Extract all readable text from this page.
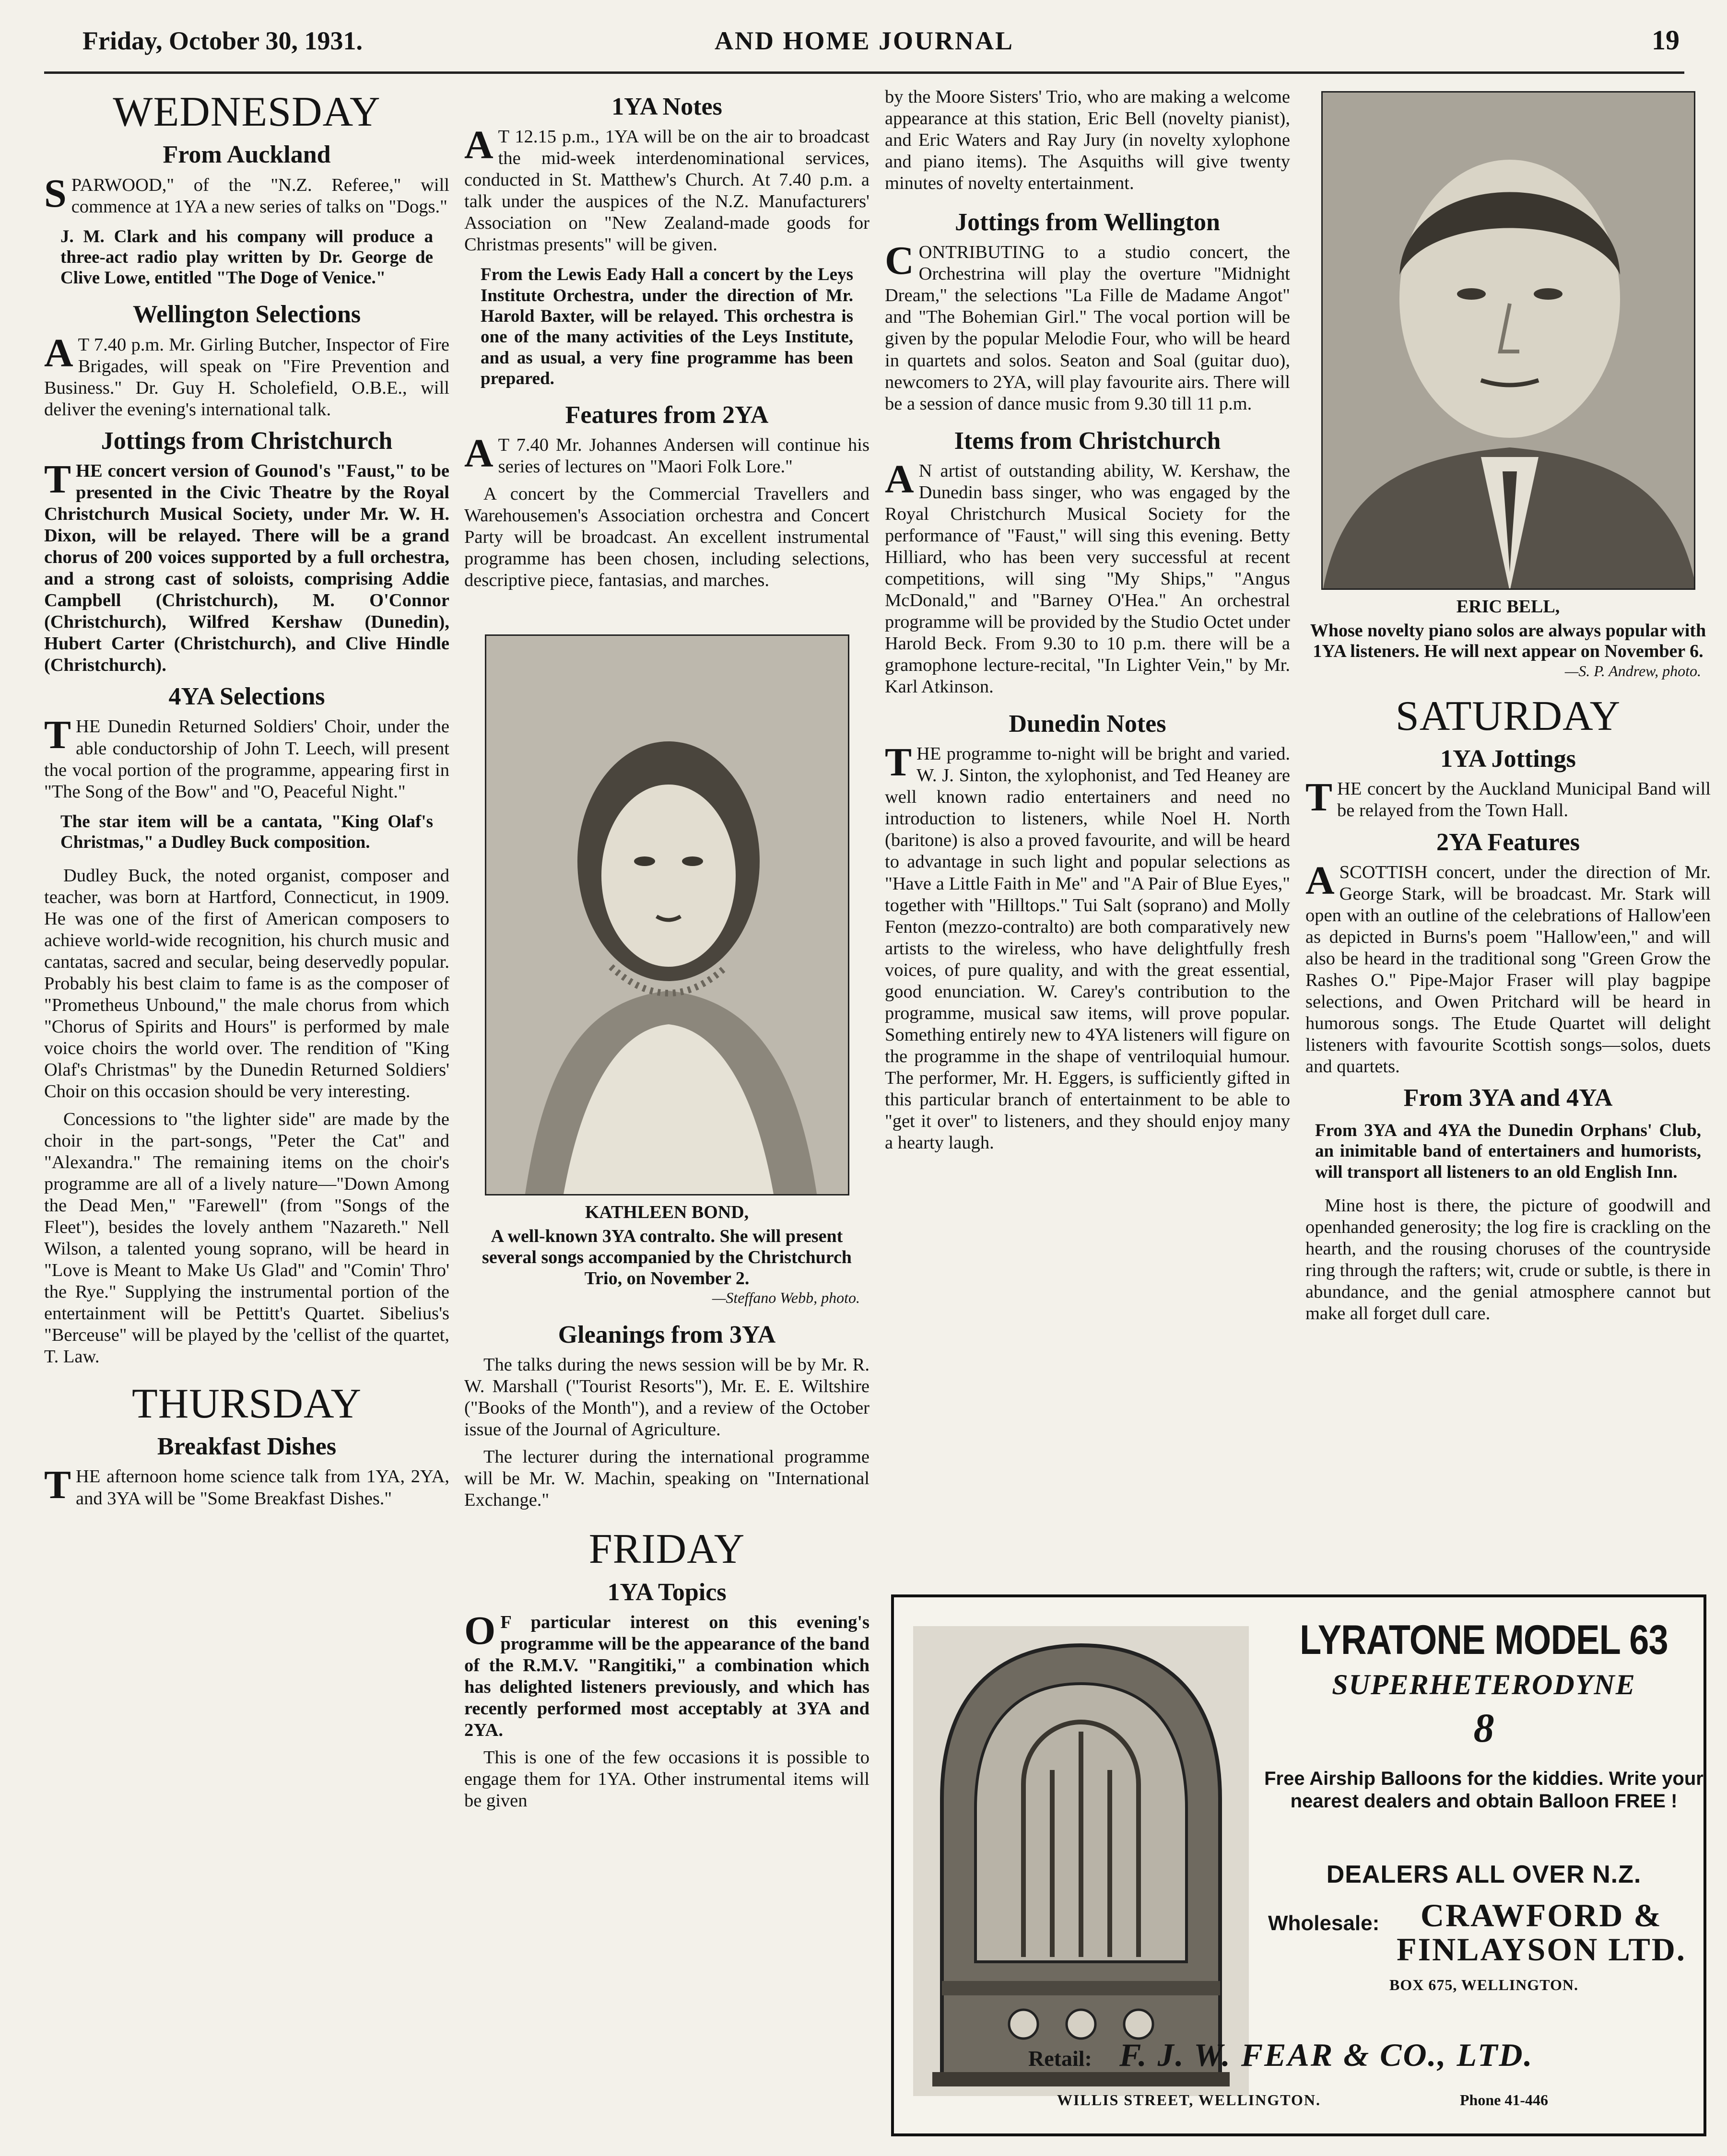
Friday, October 30, 1931.	AND HOME JOURNAL	19
WEDNESDAY
From Auckland

SPARWOOD," of the "N.Z. Referee," will commence at 1YA a new series of talks on "Dogs."

J. M. Clark and his company will produce a three-act radio play written by Dr. George de Clive Lowe, entitled "The Doge of Venice."

Wellington Selections

A T 7.40 p.m. Mr. Girling Butcher, Inspector of Fire Brigades, will speak on "Fire Prevention and Business." Dr. Guy H. Scholefield, O.B.E., will deliver the evening's international talk.

Jottings from Christchurch

THE concert version of Gounod's "Faust," to be presented in the Civic Theatre by the Royal Christchurch Musical Society, under Mr. W. H. Dixon, will be relayed. There will be a grand chorus of 200 voices supported by a full orchestra, and a strong cast of soloists, comprising Addie Campbell (Christchurch), M. O'Connor (Christchurch), Wilfred Kershaw (Dunedin), Hubert Carter (Christchurch), and Clive Hindle (Christchurch).

4YA Selections

THE Dunedin Returned Soldiers' Choir, under the able conductorship of John T. Leech, will present the vocal portion of the programme, appearing first in "The Song of the Bow" and "O, Peaceful Night."

The star item will be a cantata, "King Olaf's Christmas," a Dudley Buck composition.

Dudley Buck, the noted organist, composer and teacher, was born at Hartford, Connecticut, in 1909. He was one of the first of American composers to achieve world-wide recognition, his church music and cantatas, sacred and secular, being deservedly popular. Probably his best claim to fame is as the composer of "Prometheus Unbound," the male chorus from which "Chorus of Spirits and Hours" is performed by male voice choirs the world over. The rendition of "King Olaf's Christmas" by the Dunedin Returned Soldiers' Choir on this occasion should be very interesting.

Concessions to "the lighter side" are made by the choir in the part-songs, "Peter the Cat" and "Alexandra." The remaining items on the choir's programme are all of a lively nature—"Down Among the Dead Men," "Farewell" (from "Songs of the Fleet"), besides the lovely anthem "Nazareth." Nell Wilson, a talented young soprano, will be heard in "Love is Meant to Make Us Glad" and "Comin' Thro' the Rye." Supplying the instrumental portion of the entertainment will be Pettitt's Quartet. Sibelius's "Berceuse" will be played by the 'cellist of the quartet, T. Law.

THURSDAY
Breakfast Dishes

THE afternoon home science talk from 1YA, 2YA, and 3YA will be "Some Breakfast Dishes."

1YA Notes

A T 12.15 p.m., 1YA will be on the air to broadcast the mid-week interdenominational services, conducted in St. Matthew's Church. At 7.40 p.m. a talk under the auspices of the N.Z. Manufacturers' Association on "New Zealand-made goods for Christmas presents" will be given.

From the Lewis Eady Hall a concert by the Leys Institute Orchestra, under the direction of Mr. Harold Baxter, will be relayed. This orchestra is one of the many activities of the Leys Institute, and as usual, a very fine programme has been prepared.

Features from 2YA

A T 7.40 Mr. Johannes Andersen will continue his series of lectures on "Maori Folk Lore."

A concert by the Commercial Travellers and Warehousemen's Association orchestra and Concert Party will be broadcast. An excellent instrumental programme has been chosen, including selections, descriptive piece, fantasias, and marches.

KATHLEEN BOND,
A well-known 3YA contralto. She will present several songs accompanied by the Christchurch Trio, on November 2.
—Steffano Webb, photo.
Gleanings from 3YA

The talks during the news session will be by Mr. R. W. Marshall ("Tourist Resorts"), Mr. E. E. Wiltshire ("Books of the Month"), and a review of the October issue of the Journal of Agriculture.

The lecturer during the international programme will be Mr. W. Machin, speaking on "International Exchange."

FRIDAY
1YA Topics

O F particular interest on this evening's programme will be the appearance of the band of the R.M.V. "Rangitiki," a combination which has delighted listeners previously, and which has recently performed most acceptably at 3YA and 2YA.

This is one of the few occasions it is possible to engage them for 1YA. Other instrumental items will be given

by the Moore Sisters' Trio, who are making a welcome appearance at this station, Eric Bell (novelty pianist), and Eric Waters and Ray Jury (in novelty xylophone and piano items). The Asquiths will give twenty minutes of novelty entertainment.

Jottings from Wellington

CONTRIBUTING to a studio concert, the Orchestrina will play the overture "Midnight Dream," the selections "La Fille de Madame Angot" and "The Bohemian Girl." The vocal portion will be given by the popular Melodie Four, who will be heard in quartets and solos. Seaton and Soal (guitar duo), newcomers to 2YA, will play favourite airs. There will be a session of dance music from 9.30 till 11 p.m.

Items from Christchurch

A N artist of outstanding ability, W. Kershaw, the Dunedin bass singer, who was engaged by the Royal Christchurch Musical Society for the performance of "Faust," will sing this evening. Betty Hilliard, who has been very successful at recent competitions, will sing "My Ships," "Angus McDonald," and "Barney O'Hea." An orchestral programme will be provided by the Studio Octet under Harold Beck. From 9.30 to 10 p.m. there will be a gramophone lecture-recital, "In Lighter Vein," by Mr. Karl Atkinson.

Dunedin Notes

THE programme to-night will be bright and varied. W. J. Sinton, the xylophonist, and Ted Heaney are well known radio entertainers and need no introduction to listeners, while Noel H. North (baritone) is also a proved favourite, and will be heard to advantage in such light and popular selections as "Have a Little Faith in Me" and "A Pair of Blue Eyes," together with "Hilltops." Tui Salt (soprano) and Molly Fenton (mezzo-contralto) are both comparatively new artists to the wireless, who have delightfully fresh voices, of pure quality, and with the great essential, good enunciation. W. Carey's contribution to the programme, musical saw items, will prove popular. Something entirely new to 4YA listeners will figure on the programme in the shape of ventriloquial humour. The performer, Mr. H. Eggers, is sufficiently gifted in this particular branch of entertainment to be able to "get it over" to listeners, and they should enjoy many a hearty laugh.

ERIC BELL,
Whose novelty piano solos are always popular with 1YA listeners. He will next appear on November 6.
—S. P. Andrew, photo.
SATURDAY
1YA Jottings

THE concert by the Auckland Municipal Band will be relayed from the Town Hall.

2YA Features

A SCOTTISH concert, under the direction of Mr. George Stark, will be broadcast. Mr. Stark will open with an outline of the celebrations of Hallow'een as depicted in Burns's poem "Hallow'een," and will also be heard in the traditional song "Green Grow the Rashes O." Pipe-Major Fraser will play bagpipe selections, and Owen Pritchard will be heard in humorous songs. The Etude Quartet will delight listeners with favourite Scottish songs—solos, duets and quartets.

From 3YA and 4YA

From 3YA and 4YA the Dunedin Orphans' Club, an inimitable band of entertainers and humorists, will transport all listeners to an old English Inn.

Mine host is there, the picture of goodwill and openhanded generosity; the log fire is crackling on the hearth, and the rousing choruses of the countryside ring through the rafters; wit, crude or subtle, is there in abundance, and the genial atmosphere cannot but make all forget dull care.

LYRATONE MODEL 63
SUPERHETERODYNE
8
Free Airship Balloons for the kiddies. Write your nearest dealers and obtain Balloon FREE !
DEALERS ALL OVER N.Z.
Wholesale:	CRAWFORD &
FINLAYSON LTD.
BOX 675, WELLINGTON.
Retail: F. J. W. FEAR & CO., LTD.
WILLIS STREET, WELLINGTON.	Phone 41-446
